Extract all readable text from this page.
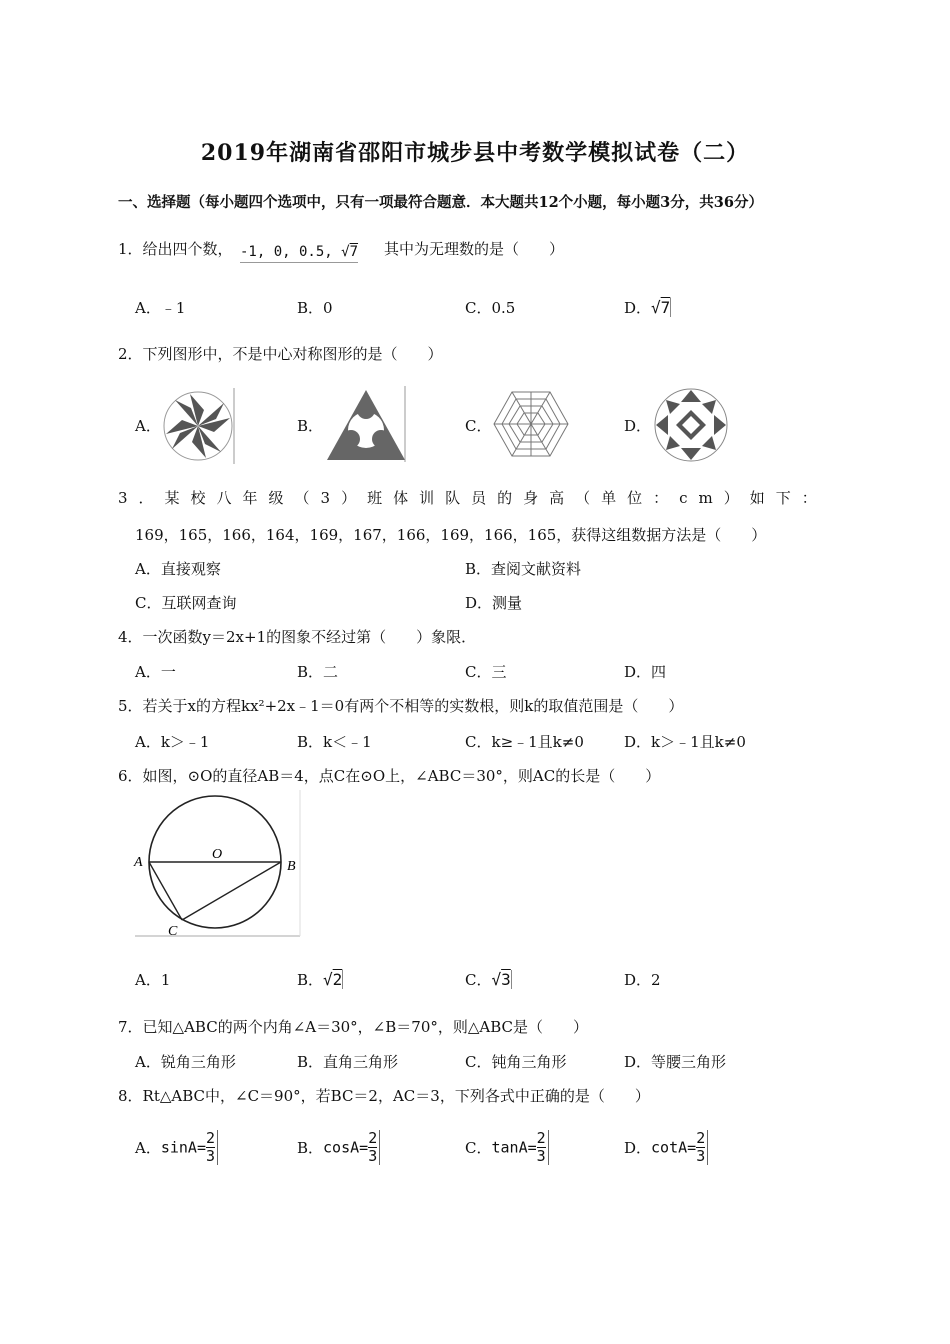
2019年湖南省邵阳市城步县中考数学模拟试卷（二）
一、选择题（每小题四个选项中，只有一项最符合题意．本大题共12个小题，每小题3分，共36分）
1．给出四个数， -1, 0, 0.5, √7 其中为无理数的是（　　）
A．﹣1	B．0	C．0.5	D．√7
2．下列图形中，不是中心对称图形的是（　　）
A．	B．	C．	D．
3．某校八年级（3）班体训队员的身高（单位：cm）如下：
169，165，166，164，169，167，166，169，166，165，获得这组数据方法是（　　）
A．直接观察	B．查阅文献资料
C．互联网查询	D．测量
4．一次函数y＝2x+1的图象不经过第（　　）象限．
A．一	B．二	C．三	D．四
5．若关于x的方程kx²+2x﹣1＝0有两个不相等的实数根，则k的取值范围是（　　）
A．k＞﹣1	B．k＜﹣1	C．k≥﹣1且k≠0	D．k＞﹣1且k≠0
6．如图，⊙O的直径AB＝4，点C在⊙O上，∠ABC＝30°，则AC的长是（　　）
A	B
O
C
A．1	B．√2	C．√3	D．2
7．已知△ABC的两个内角∠A＝30°，∠B＝70°，则△ABC是（　　）
A．锐角三角形	B．直角三角形	C．钝角三角形	D．等腰三角形
8．Rt△ABC中，∠C＝90°，若BC＝2，AC＝3，下列各式中正确的是（　　）
A．$\sin A= \frac{2}{3}$	B．$\cos A= \frac{2}{3}$	C．$\tan A= \frac{2}{3}$	D．$\cot A= \frac{2}{3}$
